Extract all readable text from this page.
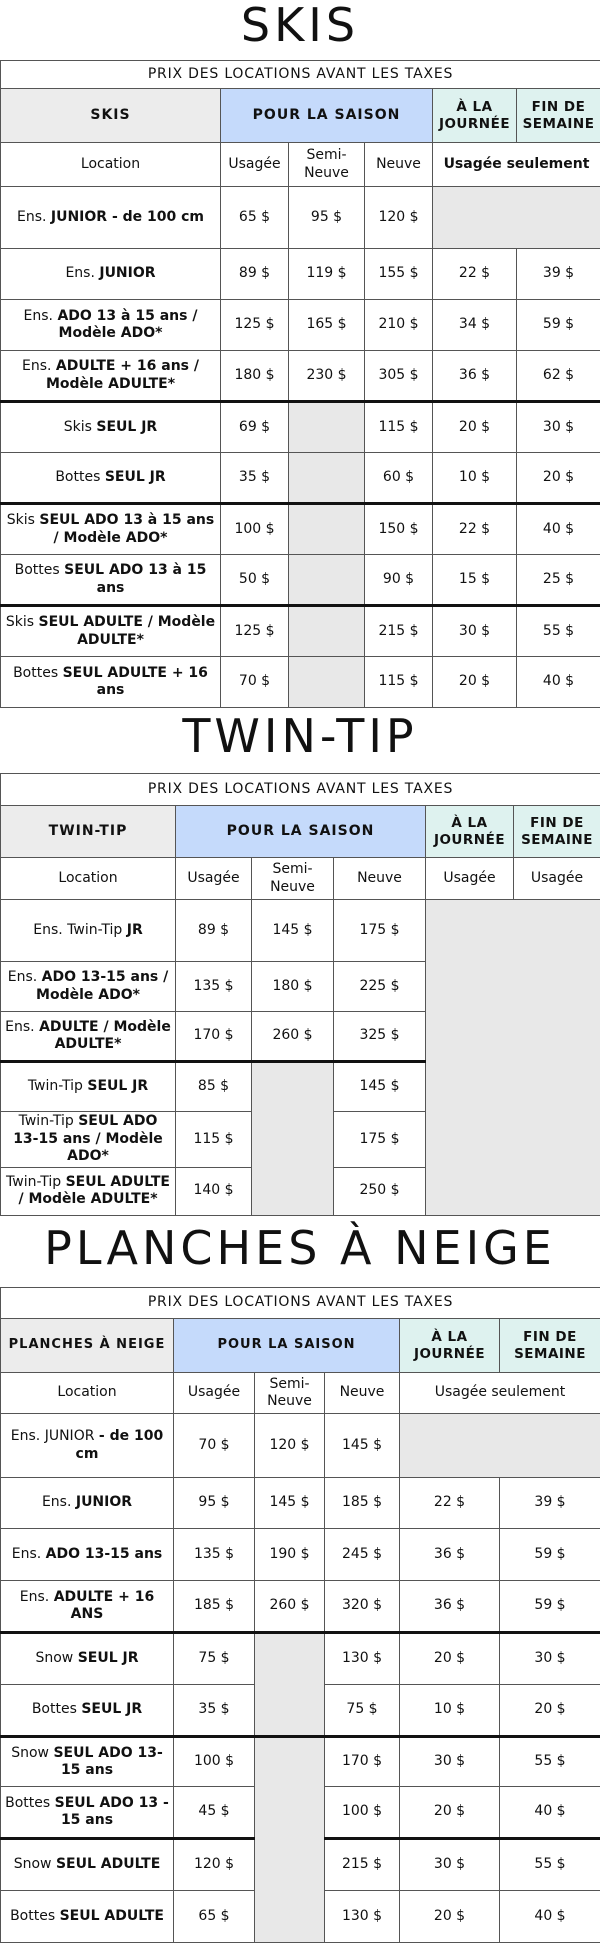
SKIS
PRIX DES LOCATIONS AVANT LES TAXES					
SKIS	POUR LA SAISON			À LA JOURNÉE	FIN DE SEMAINE
Location	Usagée	Semi-Neuve	Neuve	Usagée seulement	
Ens. JUNIOR - de 100 cm	65 $	95 $	120 $		
Ens. JUNIOR	89 $	119 $	155 $	22 $	39 $
Ens. ADO 13 à 15 ans / Modèle ADO*	125 $	165 $	210 $	34 $	59 $
Ens. ADULTE + 16 ans / Modèle ADULTE*	180 $	230 $	305 $	36 $	62 $
Skis SEUL JR	69 $		115 $	20 $	30 $
Bottes SEUL JR	35 $		60 $	10 $	20 $
Skis SEUL ADO 13 à 15 ans / Modèle ADO*	100 $		150 $	22 $	40 $
Bottes SEUL ADO 13 à 15 ans	50 $		90 $	15 $	25 $
Skis SEUL ADULTE / Modèle ADULTE*	125 $		215 $	30 $	55 $
Bottes SEUL ADULTE + 16 ans	70 $		115 $	20 $	40 $
TWIN-TIP
PRIX DES LOCATIONS AVANT LES TAXES					
TWIN-TIP	POUR LA SAISON			À LA JOURNÉE	FIN DE SEMAINE
Location	Usagée	Semi-Neuve	Neuve	Usagée	Usagée
Ens. Twin-Tip JR	89 $	145 $	175 $		
Ens. ADO 13-15 ans / Modèle ADO*	135 $	180 $	225 $		
Ens. ADULTE / Modèle ADULTE*	170 $	260 $	325 $		
Twin-Tip SEUL JR	85 $		145 $		
Twin-Tip SEUL ADO 13-15 ans / Modèle ADO*	115 $		175 $		
Twin-Tip SEUL ADULTE / Modèle ADULTE*	140 $		250 $		
PLANCHES À NEIGE
PRIX DES LOCATIONS AVANT LES TAXES					
PLANCHES À NEIGE	POUR LA SAISON			À LA JOURNÉE	FIN DE SEMAINE
Location	Usagée	Semi-Neuve	Neuve	Usagée seulement	
Ens. JUNIOR - de 100 cm	70 $	120 $	145 $		
Ens. JUNIOR	95 $	145 $	185 $	22 $	39 $
Ens. ADO 13-15 ans	135 $	190 $	245 $	36 $	59 $
Ens. ADULTE + 16 ANS	185 $	260 $	320 $	36 $	59 $
Snow SEUL JR	75 $		130 $	20 $	30 $
Bottes SEUL JR	35 $		75 $	10 $	20 $
Snow SEUL ADO 13-15 ans	100 $		170 $	30 $	55 $
Bottes SEUL ADO 13 - 15 ans	45 $		100 $	20 $	40 $
Snow SEUL ADULTE	120 $		215 $	30 $	55 $
Bottes SEUL ADULTE	65 $		130 $	20 $	40 $
